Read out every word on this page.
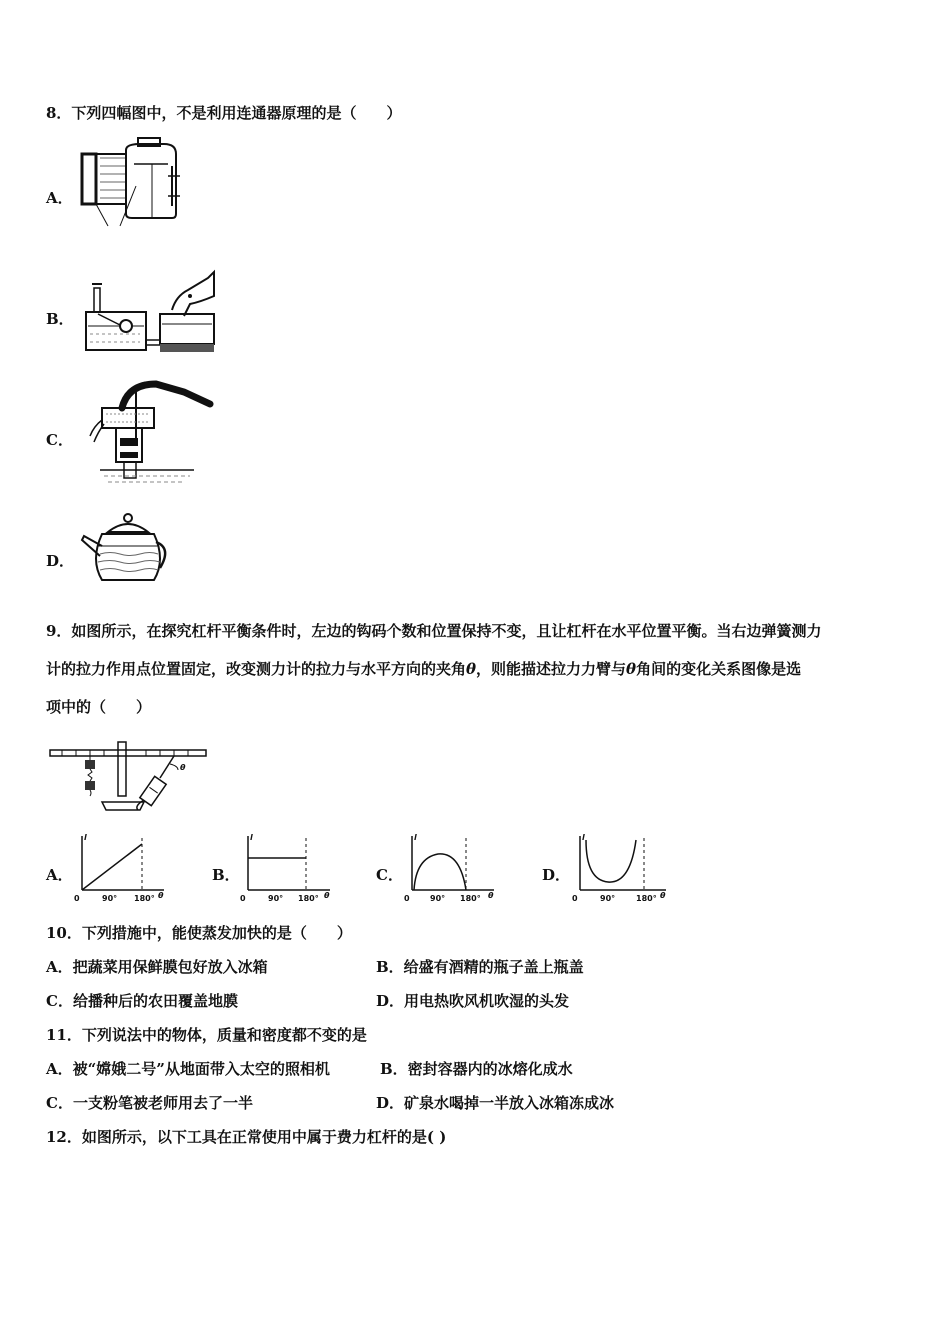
8．下列四幅图中，不是利用连通器原理的是（　　）
A．
B．
C．
D．
9．如图所示，在探究杠杆平衡条件时，左边的钩码个数和位置保持不变，且让杠杆在水平位置平衡。当右边弹簧测力
计的拉力作用点位置固定，改变测力计的拉力与水平方向的夹角θ，则能描述拉力力臂与θ角间的变化关系图像是选
项中的（　　）
θ
A．
l
0	90° 180° θ
B．
l
0	90° 180° θ
C．
l
0	90° 180° θ
D．
l
0	90°	180° θ
10．下列措施中，能使蒸发加快的是（　　）
A．把蔬菜用保鲜膜包好放入冰箱	B．给盛有酒精的瓶子盖上瓶盖
C．给播种后的农田覆盖地膜	D．用电热吹风机吹湿的头发
11．下列说法中的物体，质量和密度都不变的是
A．被“嫦娥二号”从地面带入太空的照相机	B．密封容器内的冰熔化成水
C．一支粉笔被老师用去了一半	D．矿泉水喝掉一半放入冰箱冻成冰
12．如图所示，以下工具在正常使用中属于费力杠杆的是( )
